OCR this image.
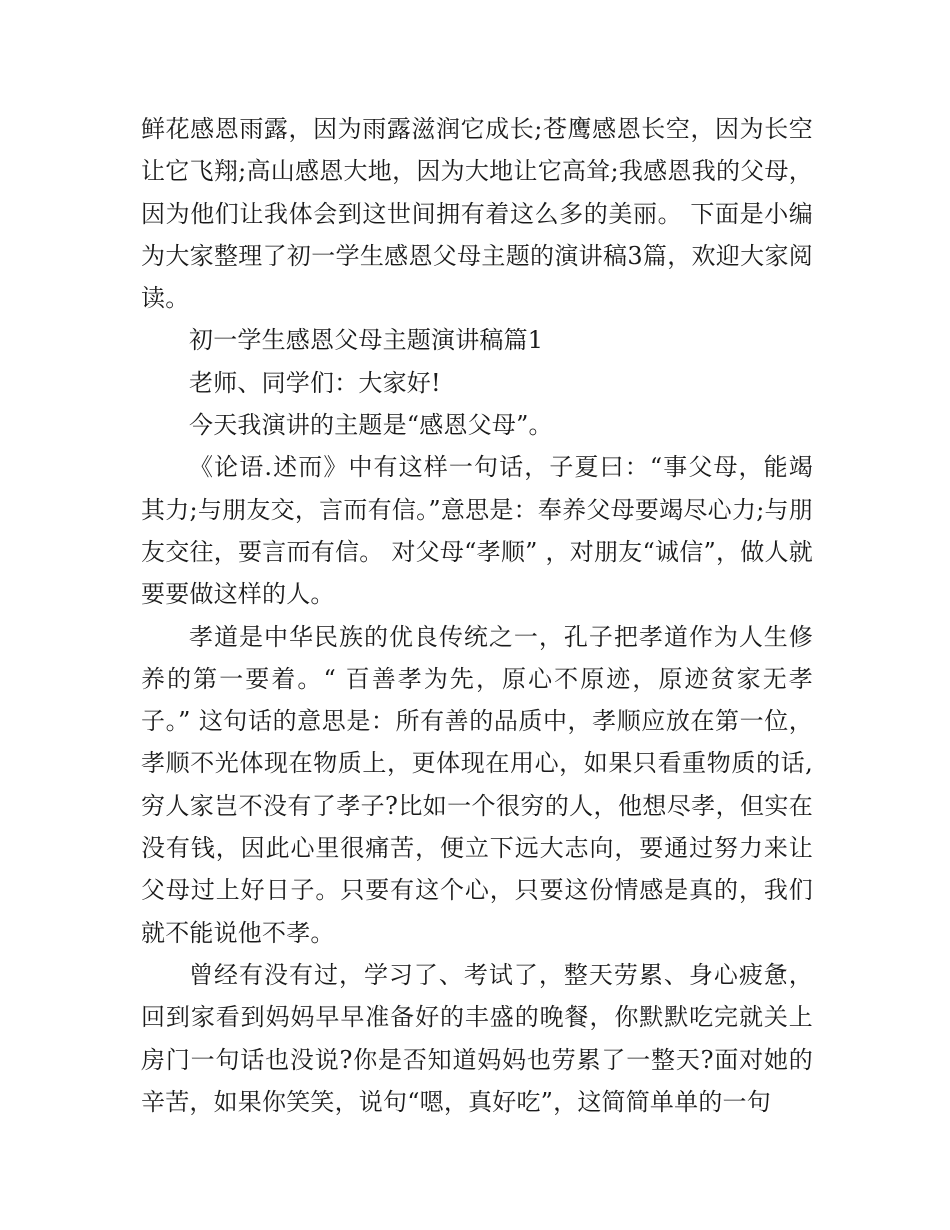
鲜花感恩雨露，因为雨露滋润它成长;苍鹰感恩长空，因为长空让它飞翔;高山感恩大地，因为大地让它高耸;我感恩我的父母，因为他们让我体会到这世间拥有着这么多的美丽。 下面是小编为大家整理了初一学生感恩父母主题的演讲稿3篇，欢迎大家阅读。

初一学生感恩父母主题演讲稿篇1

老师、同学们：大家好!

今天我演讲的主题是“感恩父母”。

《论语.述而》中有这样一句话，子夏曰：“事父母，能竭其力;与朋友交，言而有信。”意思是：奉养父母要竭尽心力;与朋友交往，要言而有信。 对父母“孝顺” ，对朋友“诚信”，做人就要要做这样的人。

孝道是中华民族的优良传统之一，孔子把孝道作为人生修养的第一要着。“ 百善孝为先，原心不原迹，原迹贫家无孝子。” 这句话的意思是：所有善的品质中，孝顺应放在第一位，孝顺不光体现在物质上，更体现在用心，如果只看重物质的话,穷人家岂不没有了孝子?比如一个很穷的人，他想尽孝，但实在没有钱，因此心里很痛苦，便立下远大志向，要通过努力来让父母过上好日子。只要有这个心，只要这份情感是真的，我们就不能说他不孝。

曾经有没有过，学习了、考试了，整天劳累、身心疲惫，回到家看到妈妈早早准备好的丰盛的晚餐，你默默吃完就关上房门一句话也没说?你是否知道妈妈也劳累了一整天?面对她的辛苦，如果你笑笑，说句“嗯，真好吃”，这简简单单的一句
